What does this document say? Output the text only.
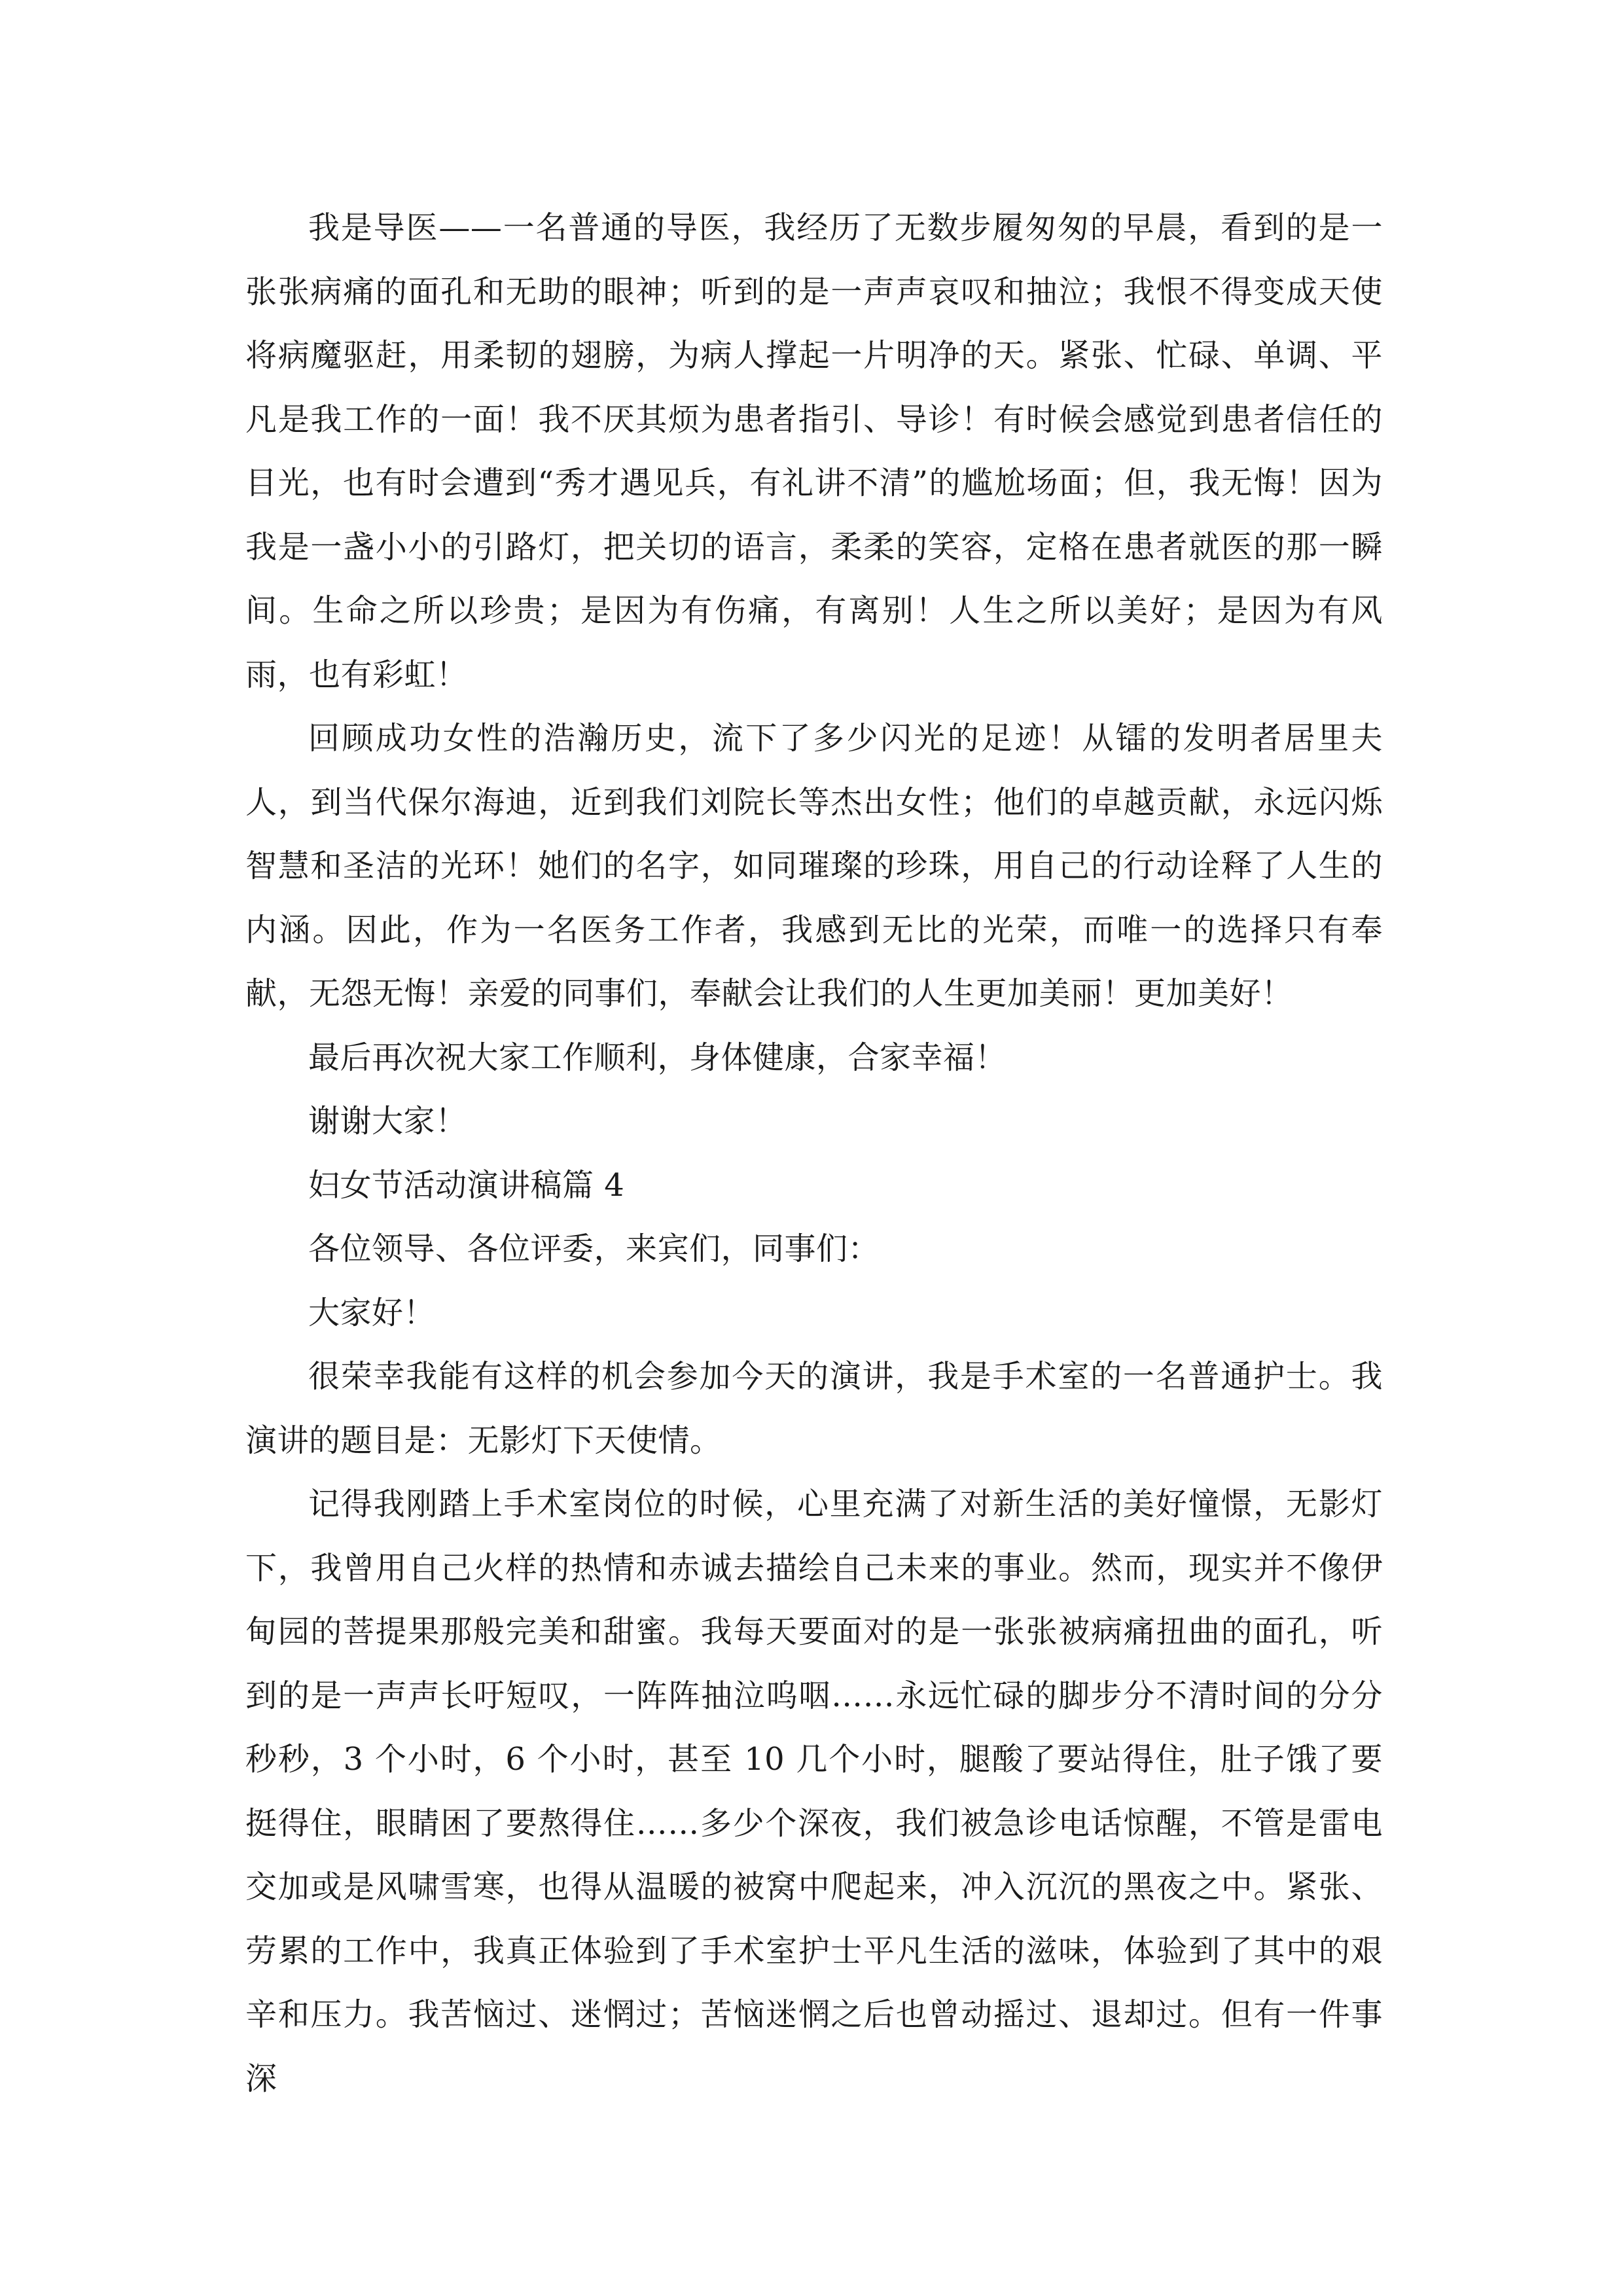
我是导医——一名普通的导医，我经历了无数步履匆匆的早晨，看到的是一张张病痛的面孔和无助的眼神；听到的是一声声哀叹和抽泣；我恨不得变成天使将病魔驱赶，用柔韧的翅膀，为病人撑起一片明净的天。紧张、忙碌、单调、平凡是我工作的一面！我不厌其烦为患者指引、导诊！有时候会感觉到患者信任的目光，也有时会遭到“秀才遇见兵，有礼讲不清”的尴尬场面；但，我无悔！因为我是一盏小小的引路灯，把关切的语言，柔柔的笑容，定格在患者就医的那一瞬间。生命之所以珍贵；是因为有伤痛，有离别！人生之所以美好；是因为有风雨，也有彩虹！

回顾成功女性的浩瀚历史，流下了多少闪光的足迹！从镭的发明者居里夫人，到当代保尔海迪，近到我们刘院长等杰出女性；他们的卓越贡献，永远闪烁智慧和圣洁的光环！她们的名字，如同璀璨的珍珠，用自己的行动诠释了人生的内涵。因此，作为一名医务工作者，我感到无比的光荣，而唯一的选择只有奉献，无怨无悔！亲爱的同事们，奉献会让我们的人生更加美丽！更加美好！

最后再次祝大家工作顺利，身体健康，合家幸福！

谢谢大家！

妇女节活动演讲稿篇 4

各位领导、各位评委，来宾们，同事们：

大家好！

很荣幸我能有这样的机会参加今天的演讲，我是手术室的一名普通护士。我演讲的题目是：无影灯下天使情。

记得我刚踏上手术室岗位的时候，心里充满了对新生活的美好憧憬，无影灯下，我曾用自己火样的热情和赤诚去描绘自己未来的事业。然而，现实并不像伊甸园的菩提果那般完美和甜蜜。我每天要面对的是一张张被病痛扭曲的面孔，听到的是一声声长吁短叹，一阵阵抽泣呜咽……永远忙碌的脚步分不清时间的分分秒秒，3 个小时，6 个小时，甚至 10 几个小时，腿酸了要站得住，肚子饿了要挺得住，眼睛困了要熬得住……多少个深夜，我们被急诊电话惊醒，不管是雷电交加或是风啸雪寒，也得从温暖的被窝中爬起来，冲入沉沉的黑夜之中。紧张、劳累的工作中，我真正体验到了手术室护士平凡生活的滋味，体验到了其中的艰辛和压力。我苦恼过、迷惘过；苦恼迷惘之后也曾动摇过、退却过。但有一件事深
